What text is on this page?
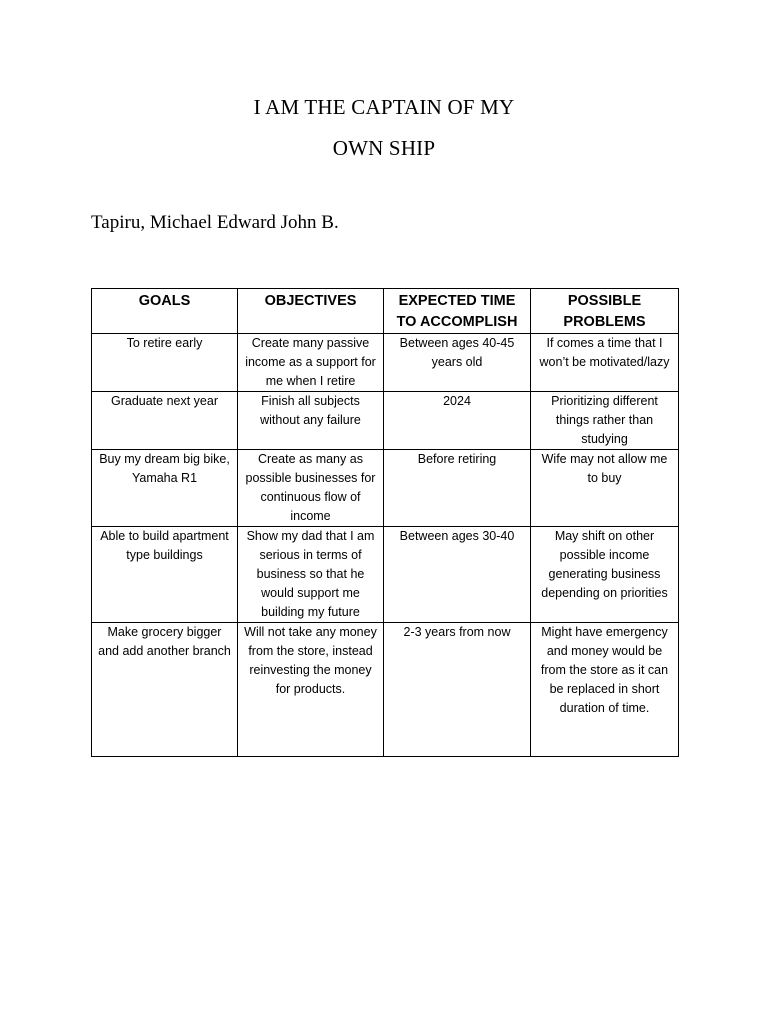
I AM THE CAPTAIN OF MY
OWN SHIP
Tapiru, Michael Edward John B.
GOALS	OBJECTIVES	EXPECTED TIME TO ACCOMPLISH	POSSIBLE PROBLEMS
To retire early	Create many passive income as a support for me when I retire	Between ages 40-45 years old	If comes a time that I won’t be motivated/lazy
Graduate next year	Finish all subjects without any failure	2024	Prioritizing different things rather than studying
Buy my dream big bike, Yamaha R1	Create as many as possible businesses for continuous flow of income	Before retiring	Wife may not allow me to buy
Able to build apartment type buildings	Show my dad that I am serious in terms of business so that he would support me building my future	Between ages 30-40	May shift on other possible income generating business depending on priorities
Make grocery bigger and add another branch	Will not take any money from the store, instead reinvesting the money for products.	2-3 years from now	Might have emergency and money would be from the store as it can be replaced in short duration of time.
